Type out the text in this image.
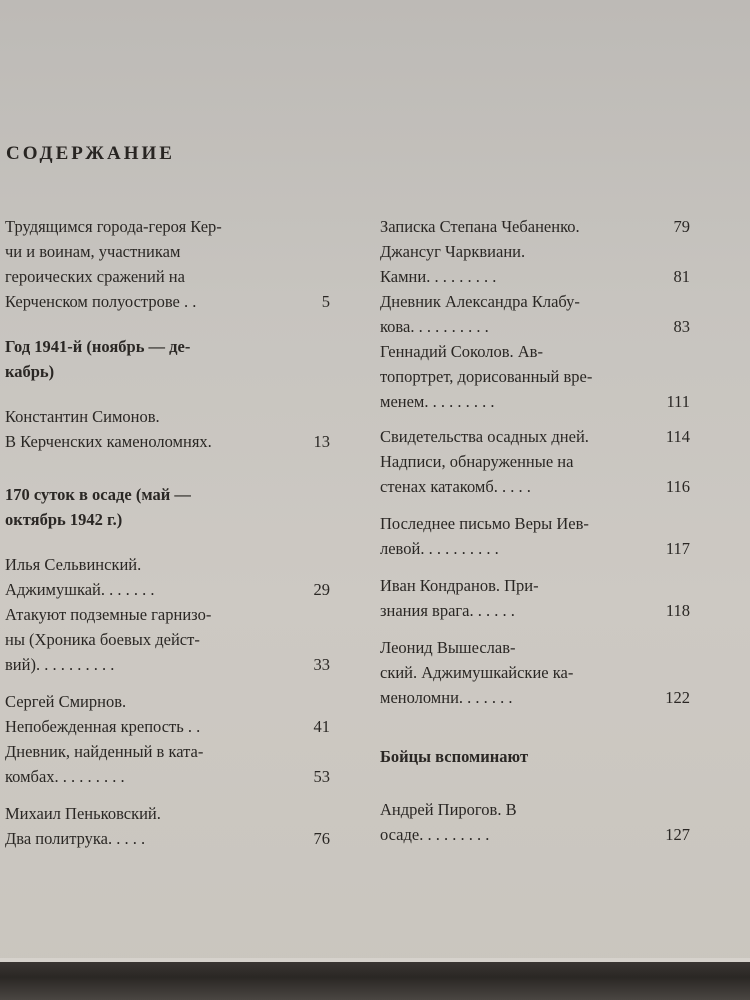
СОДЕРЖАНИЕ
Трудящимся города-героя Кер-
чи и воинам, участникам
героических сражений на
Керченском полуострове . .	5
Год 1941-й (ноябрь — де-
кабрь)
Константин Симонов.
В Керченских каменоломнях.	13
170 суток в осаде (май —
октябрь 1942 г.)
Илья Сельвинский.
Аджимушкай. . . . . . .	29
Атакуют подземные гарнизо-
ны (Хроника боевых дейст-
вий). . . . . . . . . .	33
Сергей Смирнов.
Непобежденная крепость . .	41
Дневник, найденный в ката-
комбах. . . . . . . . .	53
Михаил Пеньковский.
Два политрука. . . . .	76
Записка Степана Чебаненко.	79
Джансуг Чарквиани.
Камни. . . . . . . . .	81
Дневник Александра Клабу-
кова. . . . . . . . . .	83
Геннадий Соколов. Ав-
топортрет, дорисованный вре-
менем. . . . . . . . .	111
Свидетельства осадных дней.	114
Надписи, обнаруженные на
стенах катакомб. . . . .	116
Последнее письмо Веры Иев-
левой. . . . . . . . . .	117
Иван Кондранов. При-
знания врага. . . . . .	118
Леонид Вышеслав-
ский. Аджимушкайские ка-
меноломни. . . . . . .	122
Бойцы вспоминают
Андрей Пирогов. В
осаде. . . . . . . . .	127
